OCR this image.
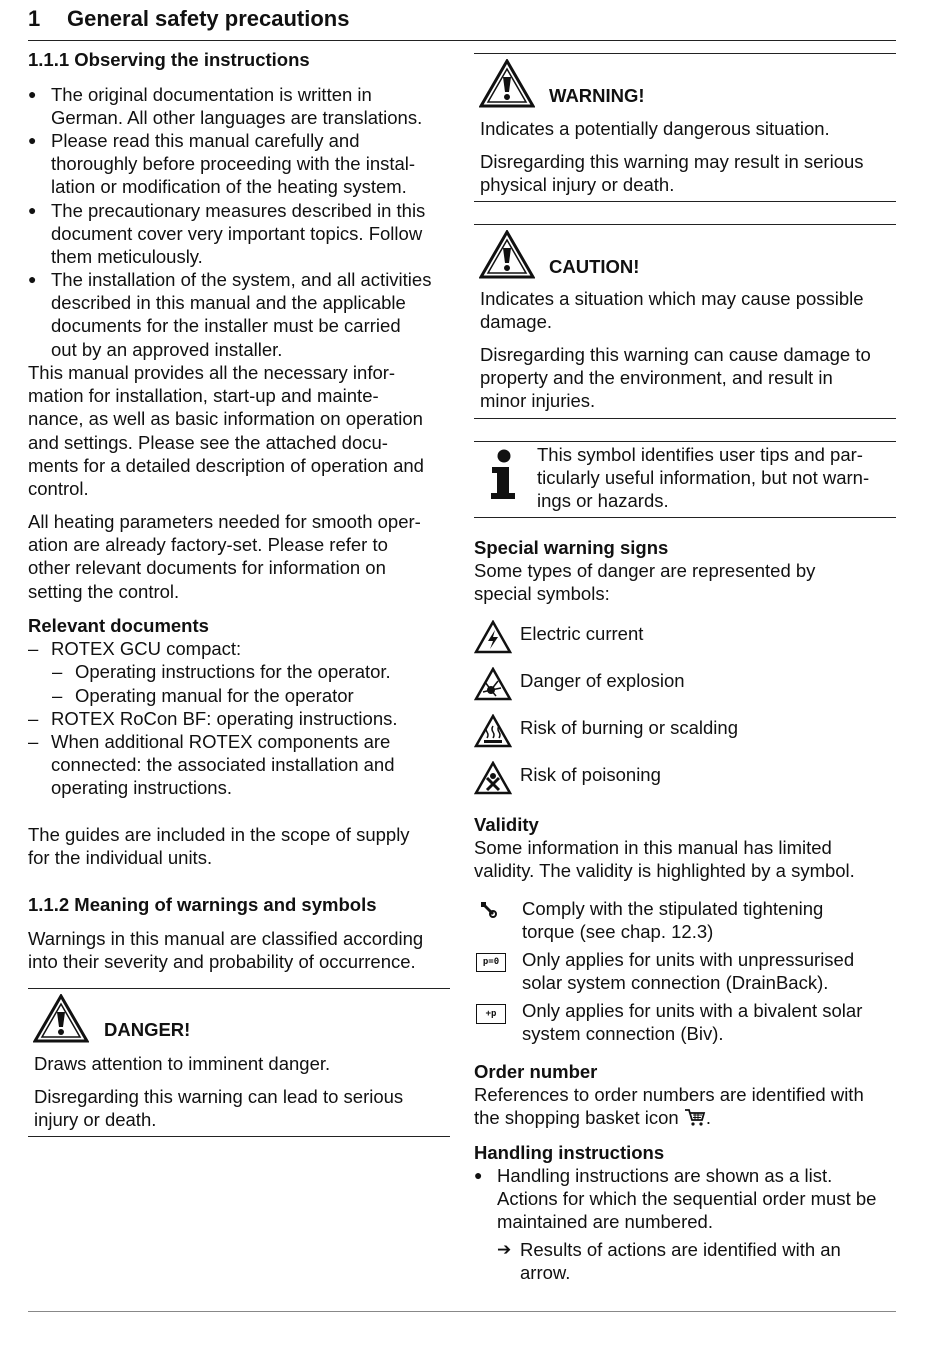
1 General safety precautions
1.1.1 Observing the instructions
● The original documentation is written in
German. All other languages are translations.
● Please read this manual carefully and
thoroughly before proceeding with the instal-
lation or modification of the heating system.
● The precautionary measures described in this
document cover very important topics. Follow
them meticulously.
● The installation of the system, and all activities
described in this manual and the applicable
documents for the installer must be carried
out by an approved installer.
This manual provides all the necessary infor-
mation for installation, start-up and mainte-
nance, as well as basic information on operation
and settings. Please see the attached docu-
ments for a detailed description of operation and
control.
All heating parameters needed for smooth oper-
ation are already factory-set. Please refer to
other relevant documents for information on
setting the control.
Relevant documents
– ROTEX GCU compact:
– Operating instructions for the operator.
– Operating manual for the operator
– ROTEX RoCon BF: operating instructions.
– When additional ROTEX components are
connected: the associated installation and
operating instructions.
The guides are included in the scope of supply
for the individual units.
1.1.2 Meaning of warnings and symbols
Warnings in this manual are classified according
into their severity and probability of occurrence.
DANGER!
Draws attention to imminent danger.
Disregarding this warning can lead to serious
injury or death.
WARNING!
Indicates a potentially dangerous situation.
Disregarding this warning may result in serious
physical injury or death.
CAUTION!
Indicates a situation which may cause possible
damage.
Disregarding this warning can cause damage to
property and the environment, and result in
minor injuries.
This symbol identifies user tips and par-
ticularly useful information, but not warn-
ings or hazards.
Special warning signs
Some types of danger are represented by
special symbols:
Electric current
Danger of explosion
Risk of burning or scalding
Risk of poisoning
Validity
Some information in this manual has limited
validity. The validity is highlighted by a symbol.
Comply with the stipulated tightening
torque (see chap. 12.3)
p=0	Only applies for units with unpressurised
solar system connection (DrainBack).
+p	Only applies for units with a bivalent solar
system connection (Biv).
Order number
References to order numbers are identified with
the shopping basket icon .
Handling instructions
● Handling instructions are shown as a list.
Actions for which the sequential order must be
maintained are numbered.
➔ Results of actions are identified with an
arrow.
